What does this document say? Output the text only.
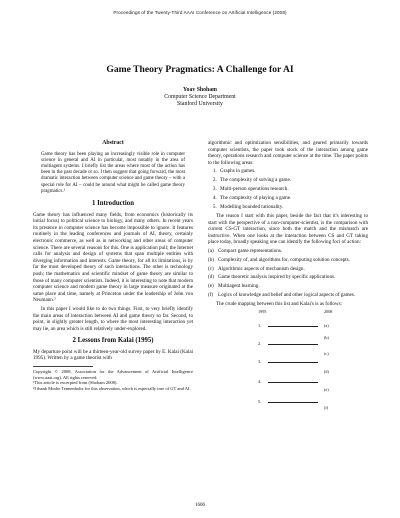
Proceedings of the Twenty-Third AAAI Conference on Artificial Intelligence (2008)
Game Theory Pragmatics: A Challenge for AI
Yoav Shoham
Computer Science Department
Stanford University
Abstract

Game theory has been playing an increasingly visible role in computer science in general and AI in particular, most notably in the area of multiagent systems. I briefly list the areas where most of the action has been in the past decade or so. I then suggest that going forward, the most dramatic interaction between computer science and game theory – with a special role for AI – could be around what might be called game theory pragmatics.¹

1 Introduction

Game theory has influenced many fields, from economics (historically its initial focus) to political science to biology, and many others. In recent years its presence in computer science has become impossible to ignore. It features routinely in the leading conferences and journals of AI, theory, certainly electronic commerce, as well as in networking and other areas of computer science. There are several reasons for this. One is application pull; the Internet calls for analysis and design of systems that span multiple entities with diverging information and interests. Game theory, for all its limitations, is by far the most developed theory of such interactions. The other is technology push; the mathematics and scientific mindset of game theory are similar to those of many computer scientists. Indeed, it is interesting to note that modern computer science and modern game theory in large measure originated at the same place and time, namely at Princeton under the leadership of John von Neumann.²

In this paper I would like to do two things. First, to very briefly identify the main areas of interaction between AI and game theory so far. Second, to point, in slightly greater length, to where the most interesting interaction yet may lie, an area which is still relatively under-explored.

2 Lessons from Kalai (1995)

My departure point will be a thirteen-year-old survey paper by E. Kalai (Kalai 1995). Written by a game theorist with

Copyright © 2008, Association for the Advancement of Artificial Intelligence (www.aaai.org). All rights reserved.

¹This article is excerpted from (Shoham 2008).

²I thank Moshe Tennenholtz for this observation, which is especially true of GT and AI.

algorithmic and optimization sensibilities, and geared primarily towards computer scientists, the paper took stock of the interaction among game theory, operations research and computer science at the time. The paper points to the following areas:

1. Graphs in games.
2. The complexity of solving a game.
3. Multi-person operations research.
4. The complexity of playing a game.
5. Modelling bounded rationality.

The reason I start with this paper, beside the fact that it's interesting to start with the perspective of a non-computer-scientist, is the comparison with current CS-GT interaction, since both the match and the mismatch are instructive. When one looks at the interaction between CS and GT taking place today, broadly speaking one can identify the following foci of action:

(a) Compact game representations.
(b) Complexity of, and algorithms for, computing solution concepts.
(c) Algorithmic aspects of mechanism design.
(d) Game theoretic analysis inspired by specific applications.
(e) Multiagent learning.
(f) Logics of knowledge and belief and other logical aspects of games.

The crude mapping between this list and Kalai's is as follows:

1995	2008
1.
2.
3.
4.
5.
(a)
(b)
(c)
(d)
(e)
(f)
1606
